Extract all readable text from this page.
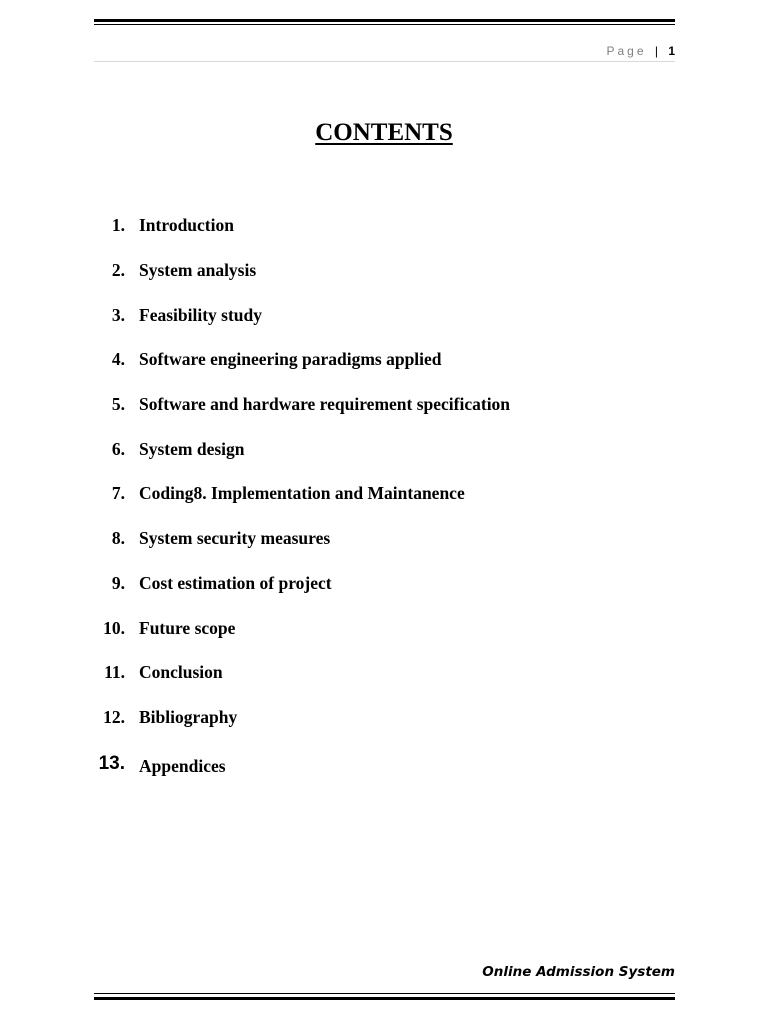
Page | 1
CONTENTS
1. Introduction
2. System analysis
3. Feasibility study
4. Software engineering paradigms applied
5. Software and hardware requirement specification
6. System design
7. Coding8. Implementation and Maintanence
8. System security measures
9. Cost estimation of project
10. Future scope
11. Conclusion
12. Bibliography
13. Appendices
Online Admission System
